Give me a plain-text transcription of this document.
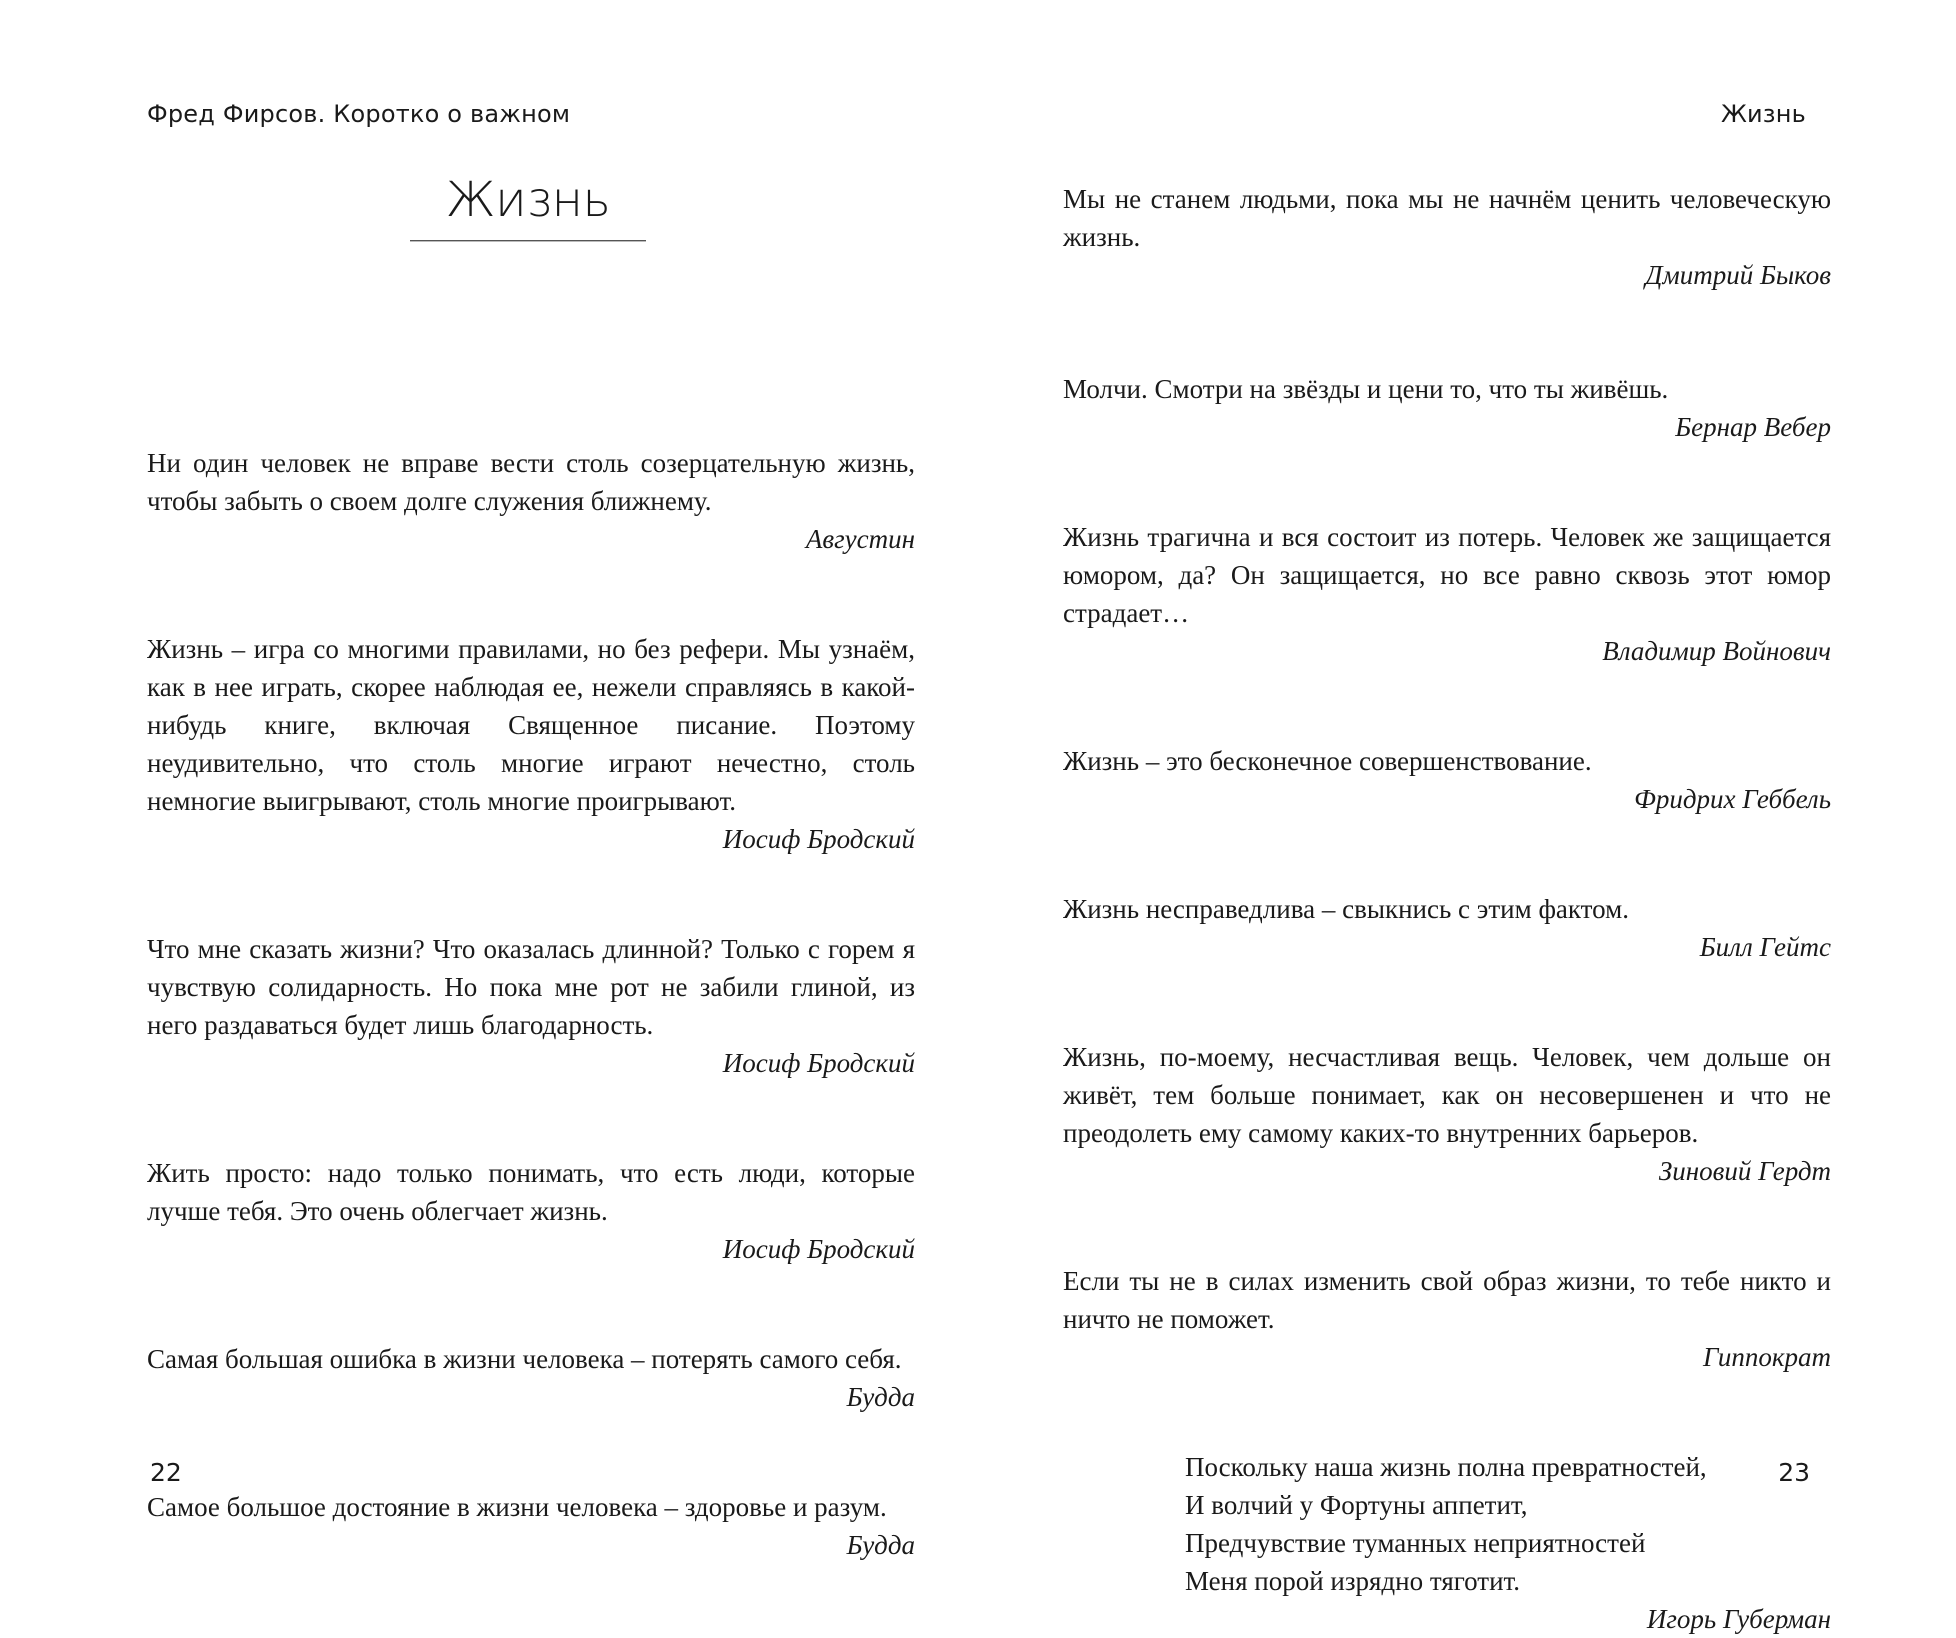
Фред Фирсов. Коротко о важном
Жизнь

Ни один человек не вправе вести столь созерцательную жизнь, чтобы забыть о своем долге служения ближнему.

Августин

Жизнь – игра со многими правилами, но без рефери. Мы узнаём, как в нее играть, скорее наблюдая ее, нежели справляясь в какой-нибудь книге, включая Священное писание. Поэтому неудивительно, что столь многие играют нечестно, столь немногие выигрывают, столь многие проигрывают.

Иосиф Бродский

Что мне сказать жизни? Что оказалась длинной? Только с горем я чувствую солидарность. Но пока мне рот не забили глиной, из него раздаваться будет лишь благодарность.

Иосиф Бродский

Жить просто: надо только понимать, что есть люди, которые лучше тебя. Это очень облегчает жизнь.

Иосиф Бродский

Самая большая ошибка в жизни человека – потерять самого себя.

Будда

Самое большое достояние в жизни человека – здоровье и разум.

Будда

22
Жизнь

Мы не станем людьми, пока мы не начнём ценить человеческую жизнь.

Дмитрий Быков

Молчи. Смотри на звёзды и цени то, что ты живёшь.

Бернар Вебер

Жизнь трагична и вся состоит из потерь. Человек же защищается юмором, да? Он защищается, но все равно сквозь этот юмор страдает…

Владимир Войнович

Жизнь – это бесконечное совершенствование.

Фридрих Геббель

Жизнь несправедлива – свыкнись с этим фактом.

Билл Гейтс

Жизнь, по-моему, несчастливая вещь. Человек, чем дольше он живёт, тем больше понимает, как он несовершенен и что не преодолеть ему самому каких-то внутренних барьеров.

Зиновий Гердт

Если ты не в силах изменить свой образ жизни, то тебе никто и ничто не поможет.

Гиппократ

Поскольку наша жизнь полна превратностей,
И волчий у Фортуны аппетит,
Предчувствие туманных неприятностей
Меня порой изрядно тяготит.

Игорь Губерман

23
